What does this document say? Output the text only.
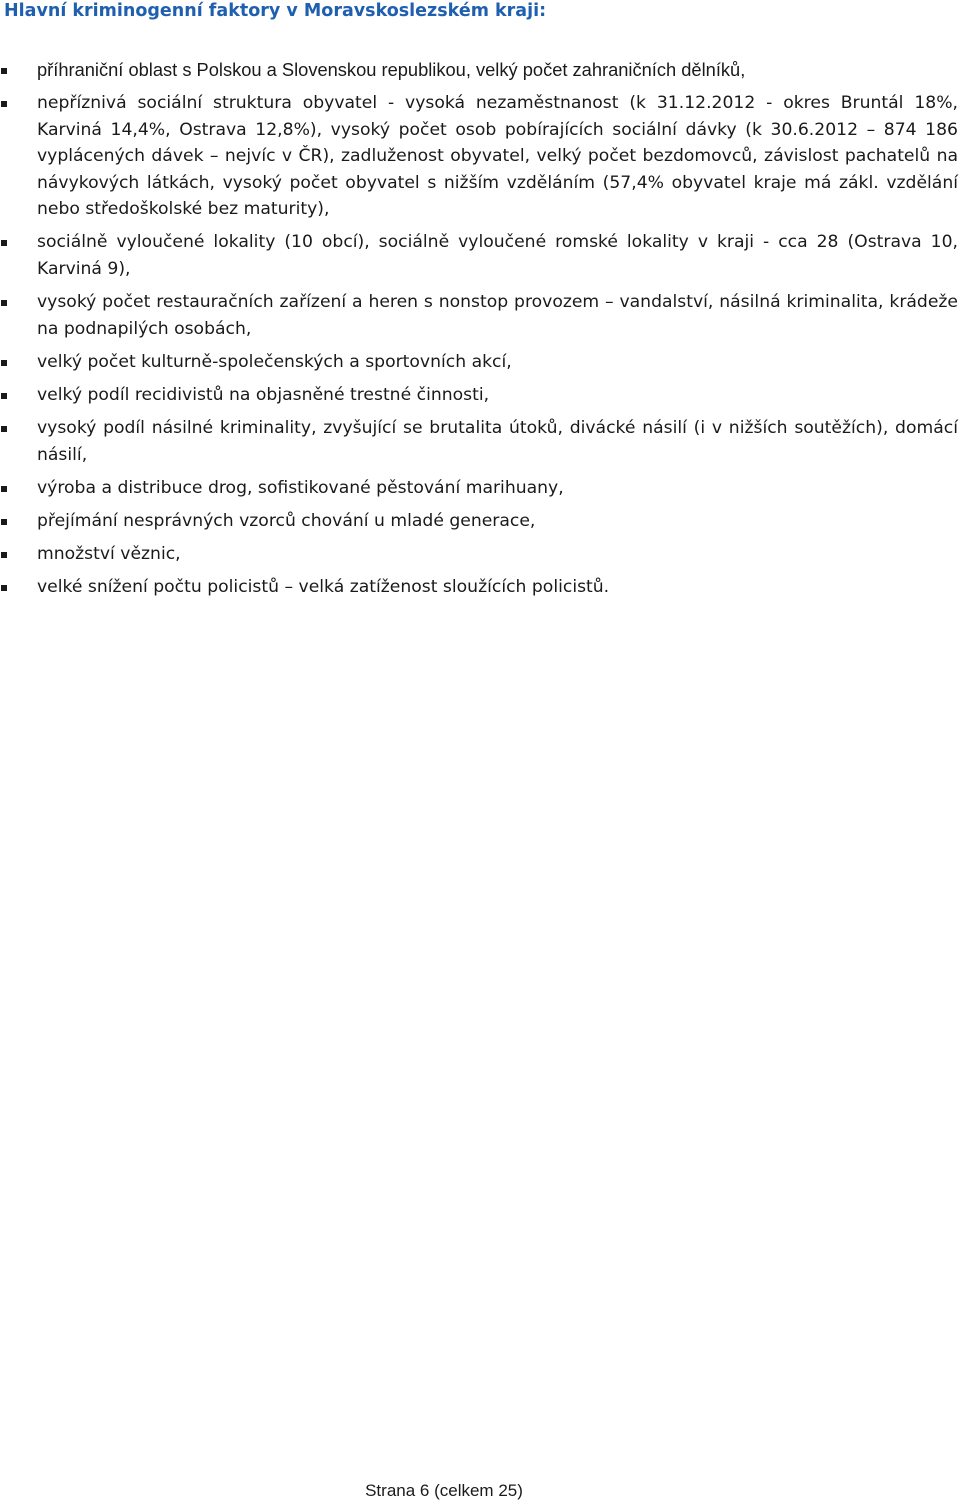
Hlavní kriminogenní faktory v Moravskoslezském kraji:
příhraniční oblast s Polskou a Slovenskou republikou, velký počet zahraničních dělníků,
nepříznivá sociální struktura obyvatel - vysoká nezaměstnanost (k 31.12.2012 - okres Bruntál 18%, Karviná 14,4%, Ostrava 12,8%), vysoký počet osob pobírajících sociální dávky (k 30.6.2012 – 874 186 vyplácených dávek – nejvíc v ČR), zadluženost obyvatel, velký počet bezdomovců, závislost pachatelů na návykových látkách, vysoký počet obyvatel s nižším vzděláním (57,4% obyvatel kraje má zákl. vzdělání nebo středoškolské bez maturity),
sociálně vyloučené lokality (10 obcí), sociálně vyloučené romské lokality v kraji - cca 28 (Ostrava 10, Karviná 9),
vysoký počet restauračních zařízení a heren s nonstop provozem – vandalství, násilná kriminalita, krádeže na podnapilých osobách,
velký počet kulturně-společenských a sportovních akcí,
velký podíl recidivistů na objasněné trestné činnosti,
vysoký podíl násilné kriminality, zvyšující se brutalita útoků, divácké násilí (i v nižších soutěžích), domácí násilí,
výroba a distribuce drog, sofistikované pěstování marihuany,
přejímání nesprávných vzorců chování u mladé generace,
množství věznic,
velké snížení počtu policistů – velká zatíženost sloužících policistů.
Strana 6 (celkem 25)
